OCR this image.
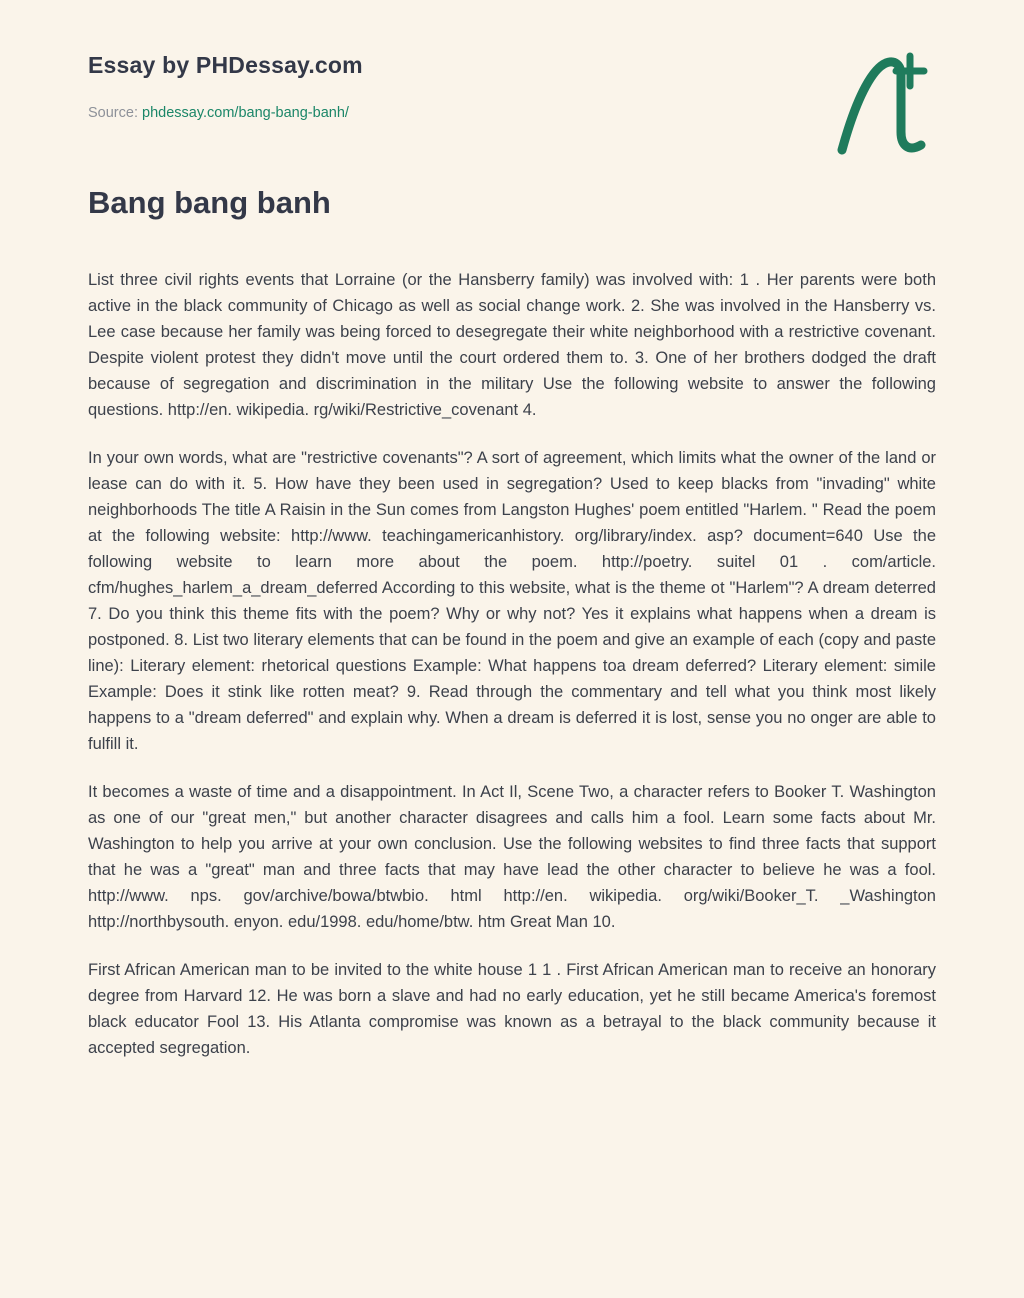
Essay by PHDessay.com
Source: phdessay.com/bang-bang-banh/
Bang bang banh

List three civil rights events that Lorraine (or the Hansberry family) was involved with: 1 . Her parents were both active in the black community of Chicago as well as social change work. 2. She was involved in the Hansberry vs. Lee case because her family was being forced to desegregate their white neighborhood with a restrictive covenant. Despite violent protest they didn't move until the court ordered them to. 3. One of her brothers dodged the draft because of segregation and discrimination in the military Use the following website to answer the following questions. http://en. wikipedia. rg/wiki/Restrictive_covenant 4.

In your own words, what are "restrictive covenants"? A sort of agreement, which limits what the owner of the land or lease can do with it. 5. How have they been used in segregation? Used to keep blacks from "invading" white neighborhoods The title A Raisin in the Sun comes from Langston Hughes' poem entitled "Harlem. " Read the poem at the following website: http://www. teachingamericanhistory. org/library/index. asp? document=640 Use the following website to learn more about the poem. http://poetry. suitel 01 . com/article. cfm/hughes_harlem_a_dream_deferred According to this website, what is the theme ot "Harlem"? A dream deterred 7. Do you think this theme fits with the poem? Why or why not? Yes it explains what happens when a dream is postponed. 8. List two literary elements that can be found in the poem and give an example of each (copy and paste line): Literary element: rhetorical questions Example: What happens toa dream deferred? Literary element: simile Example: Does it stink like rotten meat? 9. Read through the commentary and tell what you think most likely happens to a "dream deferred" and explain why. When a dream is deferred it is lost, sense you no onger are able to fulfill it.

It becomes a waste of time and a disappointment. In Act Il, Scene Two, a character refers to Booker T. Washington as one of our "great men," but another character disagrees and calls him a fool. Learn some facts about Mr. Washington to help you arrive at your own conclusion. Use the following websites to find three facts that support that he was a "great" man and three facts that may have lead the other character to believe he was a fool. http://www. nps. gov/archive/bowa/btwbio. html http://en. wikipedia. org/wiki/Booker_T. _Washington http://northbysouth. enyon. edu/1998. edu/home/btw. htm Great Man 10.

First African American man to be invited to the white house 1 1 . First African American man to receive an honorary degree from Harvard 12. He was born a slave and had no early education, yet he still became America's foremost black educator Fool 13. His Atlanta compromise was known as a betrayal to the black community because it accepted segregation.
